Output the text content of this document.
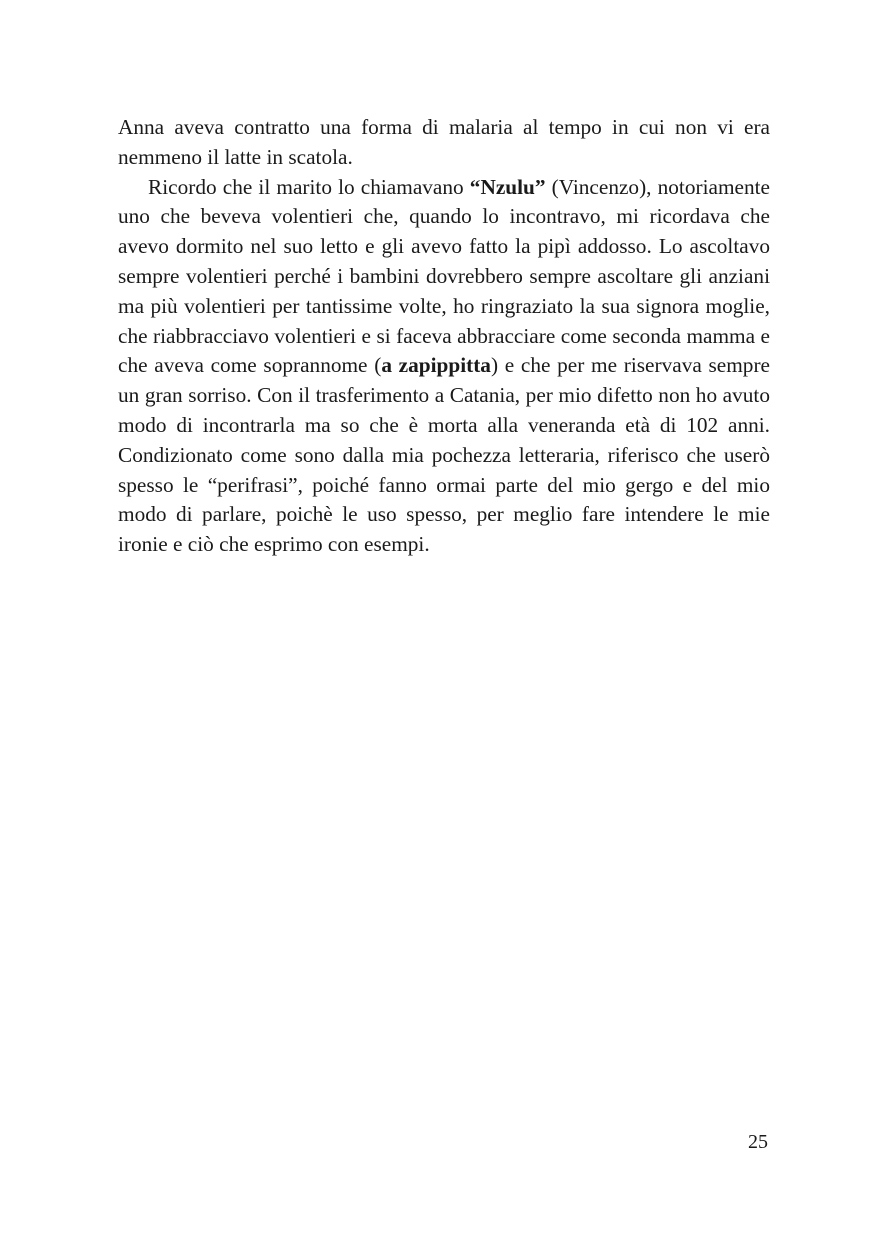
Anna aveva contratto una forma di malaria al tempo in cui non vi era nemmeno il latte in scatola.

Ricordo che il marito lo chiamavano “Nzulu” (Vincenzo), notoriamente uno che beveva volentieri che, quando lo incontravo, mi ricordava che avevo dormito nel suo letto e gli avevo fatto la pipì addosso. Lo ascoltavo sempre volentieri perché i bambini dovrebbero sempre ascoltare gli anziani ma più volentieri per tantissime volte, ho ringraziato la sua signora moglie, che riabbracciavo volentieri e si faceva abbracciare come seconda mamma e che aveva come soprannome (a zapippitta) e che per me riservava sempre un gran sorriso. Con il trasferimento a Catania, per mio difetto non ho avuto modo di incontrarla ma so che è morta alla veneranda età di 102 anni. Condizionato come sono dalla mia pochezza letteraria, riferisco che userò spesso le “perifrasi”, poiché fanno ormai parte del mio gergo e del mio modo di parlare, poichè le uso spesso, per meglio fare intendere le mie ironie e ciò che esprimo con esempi.

25
